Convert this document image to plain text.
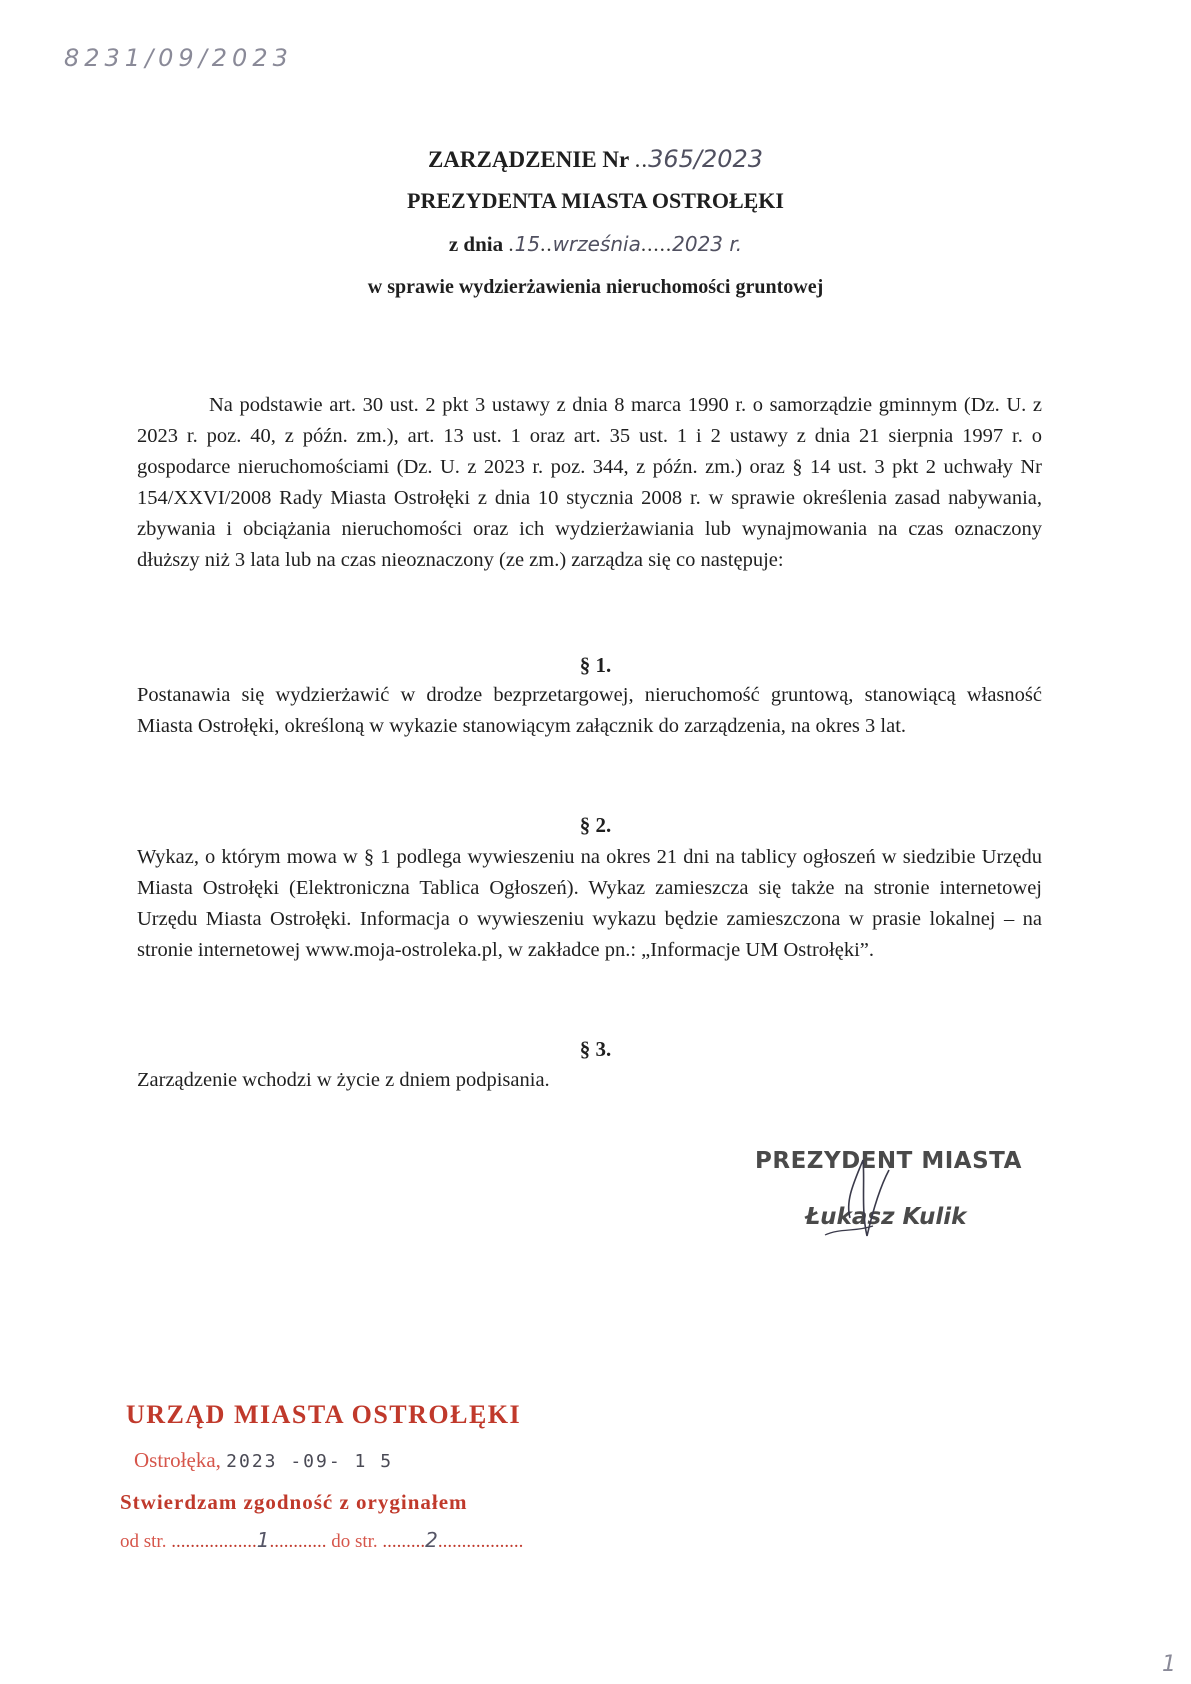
8231/09/2023
ZARZĄDZENIE Nr ..365/2023
PREZYDENTA MIASTA OSTROŁĘKI
z dnia .15..września.....2023 r.
w sprawie wydzierżawienia nieruchomości gruntowej
Na podstawie art. 30 ust. 2 pkt 3 ustawy z dnia 8 marca 1990 r. o samorządzie gminnym (Dz. U. z 2023 r. poz. 40, z późn. zm.), art. 13 ust. 1 oraz art. 35 ust. 1 i 2 ustawy z dnia 21 sierpnia 1997 r. o gospodarce nieruchomościami (Dz. U. z 2023 r. poz. 344, z późn. zm.) oraz § 14 ust. 3 pkt 2 uchwały Nr 154/XXVI/2008 Rady Miasta Ostrołęki z dnia 10 stycznia 2008 r. w sprawie określenia zasad nabywania, zbywania i obciążania nieruchomości oraz ich wydzierżawiania lub wynajmowania na czas oznaczony dłuższy niż 3 lata lub na czas nieoznaczony (ze zm.) zarządza się co następuje:
§ 1.
Postanawia się wydzierżawić w drodze bezprzetargowej, nieruchomość gruntową, stanowiącą własność Miasta Ostrołęki, określoną w wykazie stanowiącym załącznik do zarządzenia, na okres 3 lat.
§ 2.
Wykaz, o którym mowa w § 1 podlega wywieszeniu na okres 21 dni na tablicy ogłoszeń w siedzibie Urzędu Miasta Ostrołęki (Elektroniczna Tablica Ogłoszeń). Wykaz zamieszcza się także na stronie internetowej Urzędu Miasta Ostrołęki. Informacja o wywieszeniu wykazu będzie zamieszczona w prasie lokalnej – na stronie internetowej www.moja-ostroleka.pl, w zakładce pn.: „Informacje UM Ostrołęki”.
§ 3.
Zarządzenie wchodzi w życie z dniem podpisania.
PREZYDENT MIASTA
Łukasz Kulik
URZĄD MIASTA OSTROŁĘKI
Ostrołęka, 2023 -09- 1 5
Stwierdzam zgodność z oryginałem
od str. ..................1............ do str. .........2..................
1
